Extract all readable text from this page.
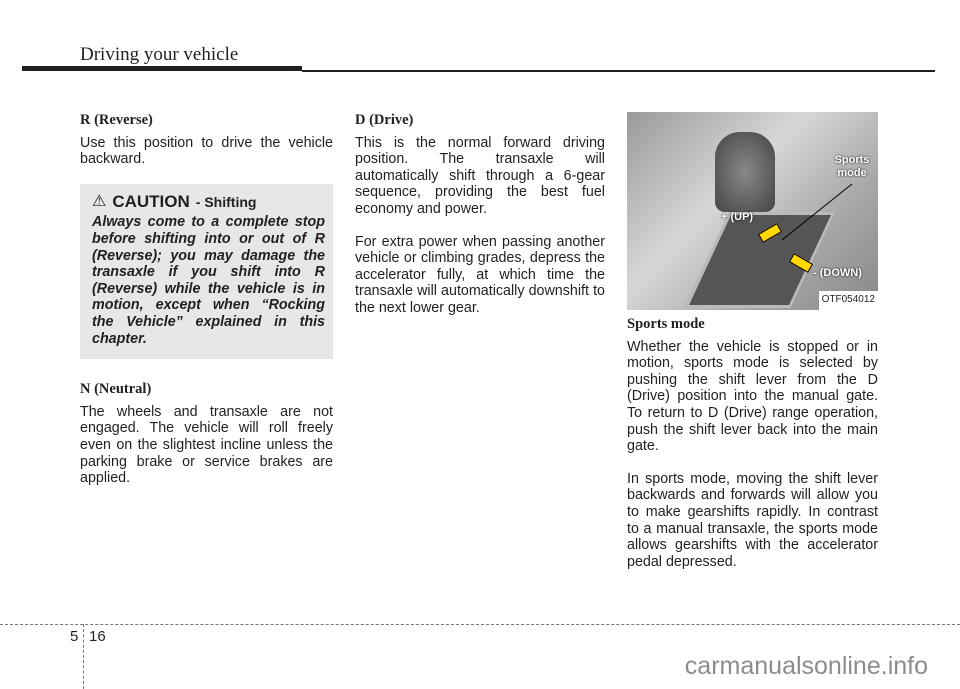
Driving your vehicle
R (Reverse)

Use this position to drive the vehicle backward.

⚠ CAUTION - Shifting
Always come to a complete stop before shifting into or out of R (Reverse); you may damage the transaxle if you shift into R (Reverse) while the vehicle is in motion, except when “Rocking the Vehicle” explained in this chapter.
N (Neutral)

The wheels and transaxle are not engaged. The vehicle will roll freely even on the slightest incline unless the parking brake or service brakes are applied.

D (Drive)

This is the normal forward driving position. The transaxle will automatically shift through a 6-gear sequence, providing the best fuel economy and power.

For extra power when passing another vehicle or climbing grades, depress the accelerator fully, at which time the transaxle will automatically downshift to the next lower gear.

Sports mode
+ (UP)
- (DOWN)
OTF054012
Sports mode

Whether the vehicle is stopped or in motion, sports mode is selected by pushing the shift lever from the D (Drive) position into the manual gate. To return to D (Drive) range operation, push the shift lever back into the main gate.

In sports mode, moving the shift lever backwards and forwards will allow you to make gearshifts rapidly. In contrast to a manual transaxle, the sports mode allows gearshifts with the accelerator pedal depressed.

5 16
carmanualsonline.info
